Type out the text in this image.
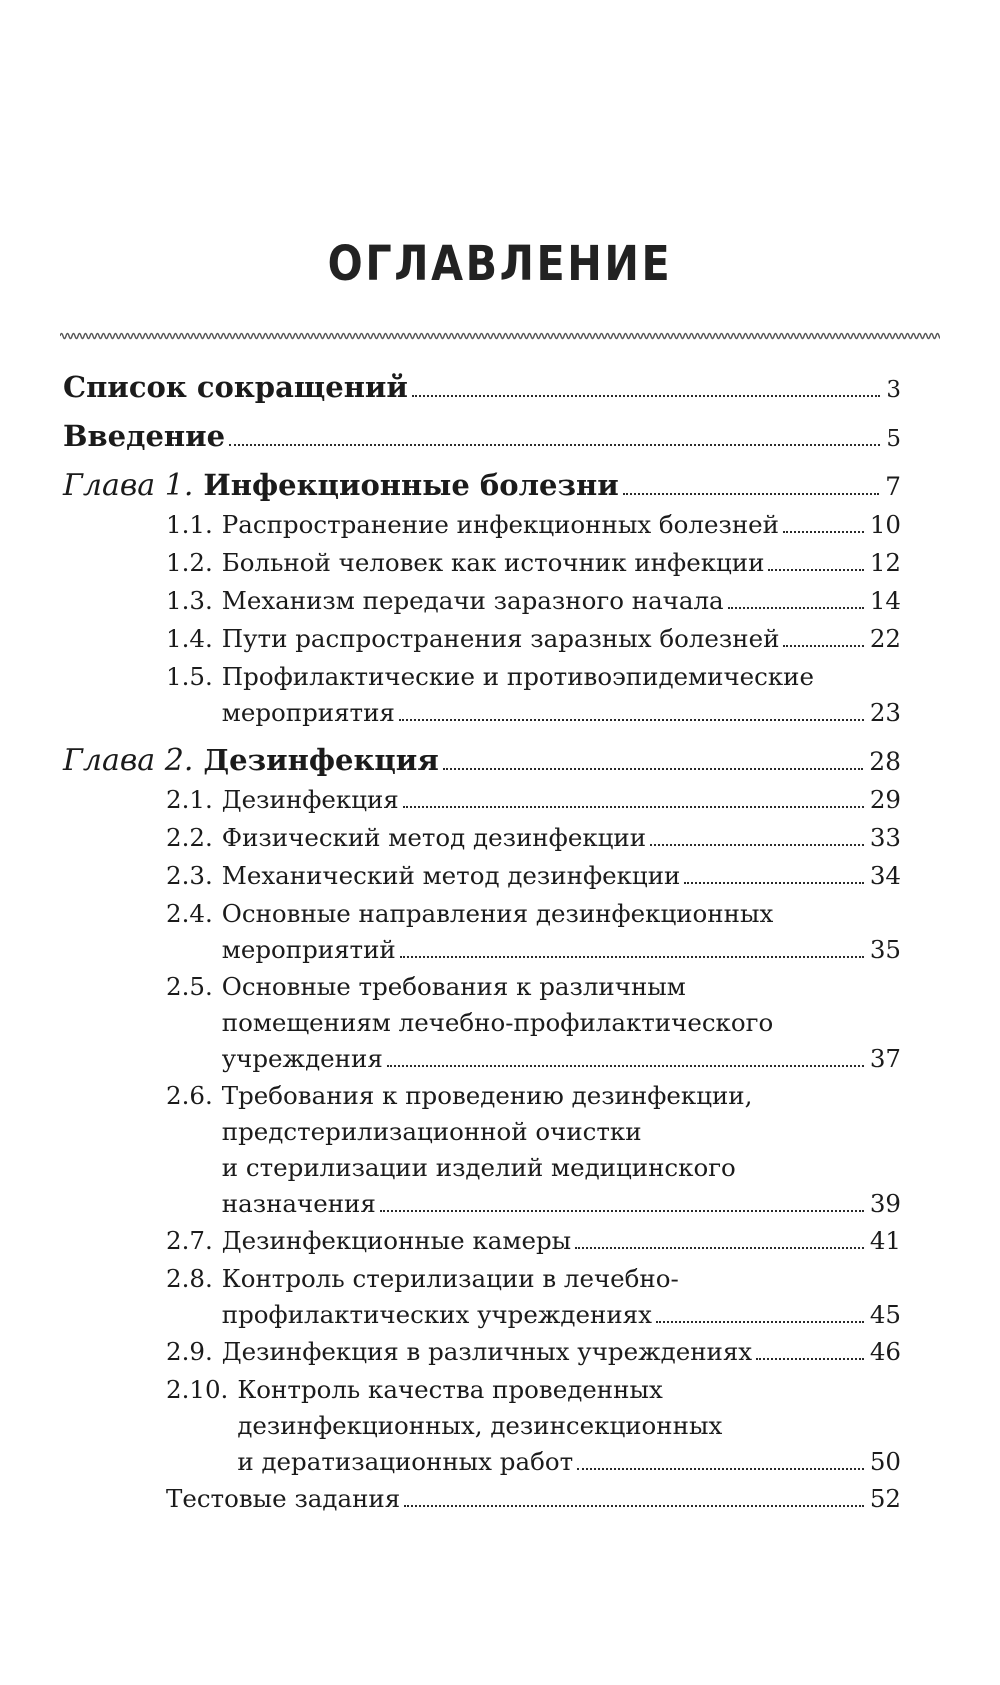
ОГЛАВЛЕНИЕ
Список сокращений	3
Введение	5
Глава 1. Инфекционные болезни	7
1.1. Распространение инфекционных болезней	10
1.2. Больной человек как источник инфекции	12
1.3. Механизм передачи заразного начала	14
1.4. Пути распространения заразных болезней	22
1.5. Профилактические и противоэпидемические
мероприятия	23
Глава 2. Дезинфекция	28
2.1. Дезинфекция	29
2.2. Физический метод дезинфекции	33
2.3. Механический метод дезинфекции	34
2.4. Основные направления дезинфекционных
мероприятий	35
2.5. Основные требования к различным
помещениям лечебно-профилактического
учреждения	37
2.6. Требования к проведению дезинфекции,
предстерилизационной очистки
и стерилизации изделий медицинского
назначения	39
2.7. Дезинфекционные камеры	41
2.8. Контроль стерилизации в лечебно-
профилактических учреждениях	45
2.9. Дезинфекция в различных учреждениях	46
2.10. Контроль качества проведенных
дезинфекционных, дезинсекционных
и дератизационных работ	50
Тестовые задания	52
